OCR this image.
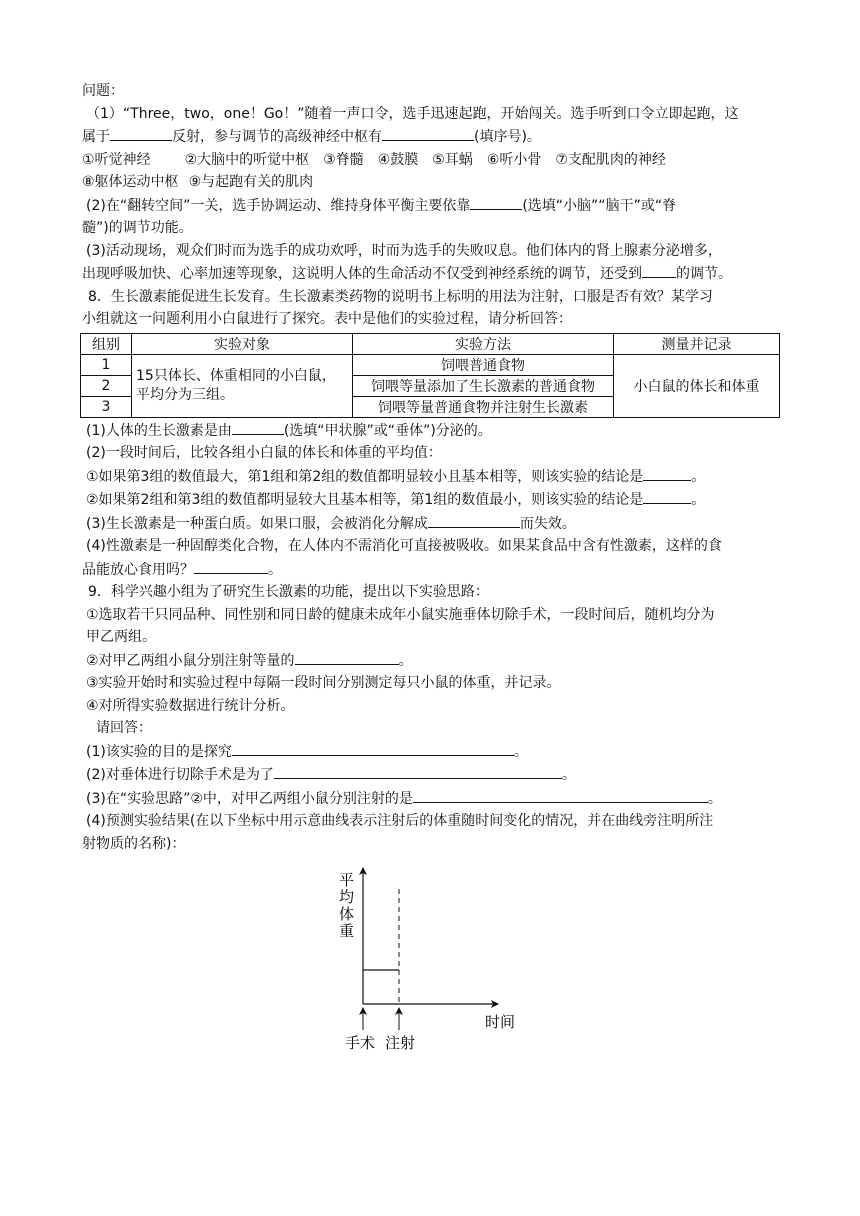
问题：
（1）“Three，two，one！Go！”随着一声口令，选手迅速起跑，开始闯关。选手听到口令立即起跑，这
属于	反射，参与调节的高级神经中枢有	(填序号)。
①听觉神经 ②大脑中的听觉中枢 ③脊髓 ④鼓膜 ⑤耳蜗 ⑥听小骨 ⑦支配肌肉的神经
⑧躯体运动中枢 ⑨与起跑有关的肌肉
(2)在“翻转空间”一关，选手协调运动、维持身体平衡主要依靠	(选填“小脑”“脑干”或“脊
髓”)的调节功能。
(3)活动现场，观众们时而为选手的成功欢呼，时而为选手的失败叹息。他们体内的肾上腺素分泌增多，
出现呼吸加快、心率加速等现象，这说明人体的生命活动不仅受到神经系统的调节，还受到 的调节。
8．生长激素能促进生长发育。生长激素类药物的说明书上标明的用法为注射，口服是否有效？某学习
小组就这一问题利用小白鼠进行了探究。表中是他们的实验过程，请分析回答：
组别	实验对象	实验方法	测量并记录
1	15只体长、体重相同的小白鼠，平均分为三组。	饲喂普通食物	小白鼠的体长和体重
2		饲喂等量添加了生长激素的普通食物	
3		饲喂等量普通食物并注射生长激素	
(1)人体的生长激素是由	(选填“甲状腺”或“垂体”)分泌的。
(2)一段时间后，比较各组小白鼠的体长和体重的平均值：
①如果第3组的数值最大，第1组和第2组的数值都明显较小且基本相等，则该实验的结论是	。
②如果第2组和第3组的数值都明显较大且基本相等，第1组的数值最小，则该实验的结论是	。
(3)生长激素是一种蛋白质。如果口服，会被消化分解成	而失效。
(4)性激素是一种固醇类化合物，在人体内不需消化可直接被吸收。如果某食品中含有性激素，这样的食
品能放心食用吗？	。
9．科学兴趣小组为了研究生长激素的功能，提出以下实验思路：
①选取若干只同品种、同性别和同日龄的健康未成年小鼠实施垂体切除手术，一段时间后，随机均分为
甲乙两组。
②对甲乙两组小鼠分别注射等量的	。
③实验开始时和实验过程中每隔一段时间分别测定每只小鼠的体重，并记录。
④对所得实验数据进行统计分析。
请回答：
(1)该实验的目的是探究	。
(2)对垂体进行切除手术是为了	。
(3)在“实验思路”②中，对甲乙两组小鼠分别注射的是	。
(4)预测实验结果(在以下坐标中用示意曲线表示注射后的体重随时间变化的情况，并在曲线旁注明所注
射物质的名称)：
平
均
体
重
时间
手术 注射
